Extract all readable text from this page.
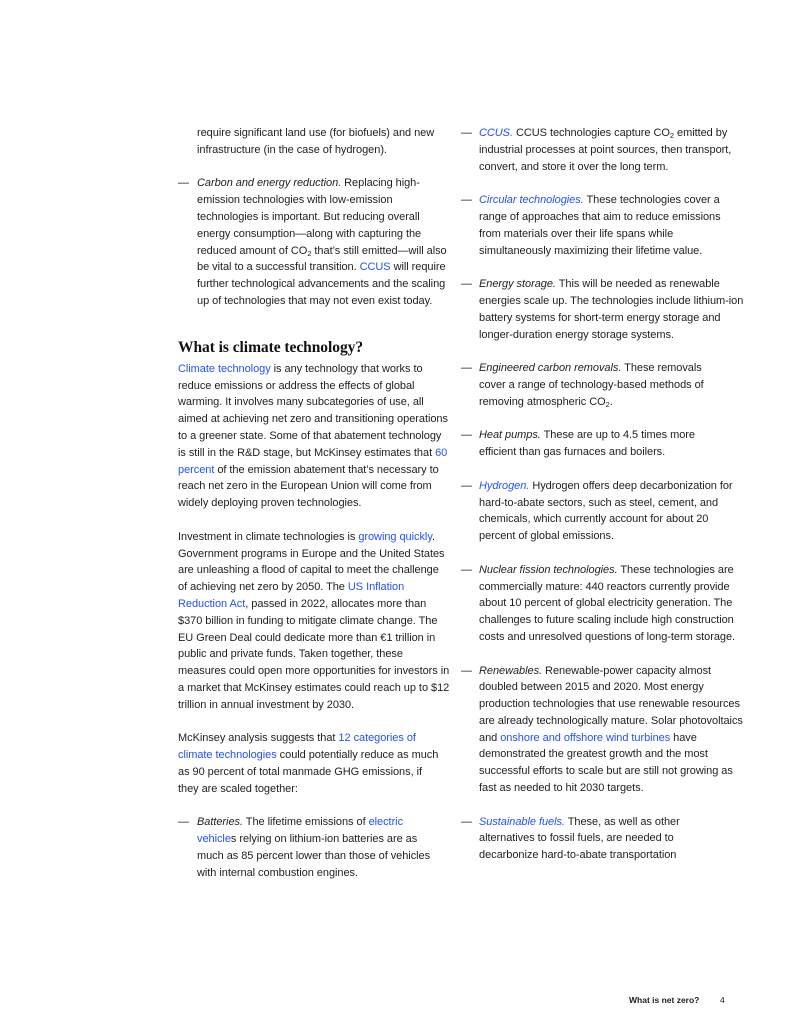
require significant land use (for biofuels) and new infrastructure (in the case of hydrogen).

— Carbon and energy reduction. Replacing high-emission technologies with low-emission technologies is important. But reducing overall energy consumption—along with capturing the reduced amount of $CO_2$ that’s still emitted—will also be vital to a successful transition. CCUS will require further technological advancements and the scaling up of technologies that may not even exist today.
What is climate technology?

Climate technology is any technology that works to reduce emissions or address the effects of global warming. It involves many subcategories of use, all aimed at achieving net zero and transitioning operations to a greener state. Some of that abatement technology is still in the R&D stage, but McKinsey estimates that 60 percent of the emission abatement that’s necessary to reach net zero in the European Union will come from widely deploying proven technologies.

Investment in climate technologies is growing quickly. Government programs in Europe and the United States are unleashing a flood of capital to meet the challenge of achieving net zero by 2050. The US Inflation Reduction Act, passed in 2022, allocates more than $370 billion in funding to mitigate climate change. The EU Green Deal could dedicate more than €1 trillion in public and private funds. Taken together, these measures could open more opportunities for investors in a market that McKinsey estimates could reach up to $12 trillion in annual investment by 2030.

McKinsey analysis suggests that 12 categories of climate technologies could potentially reduce as much as 90 percent of total manmade GHG emissions, if they are scaled together:

— Batteries. The lifetime emissions of electric vehicles relying on lithium-ion batteries are as much as 85 percent lower than those of vehicles with internal combustion engines.
— CCUS. CCUS technologies capture $CO_2$ emitted by industrial processes at point sources, then transport, convert, and store it over the long term.
— Circular technologies. These technologies cover a range of approaches that aim to reduce emissions from materials over their life spans while simultaneously maximizing their lifetime value.
— Energy storage. This will be needed as renewable energies scale up. The technologies include lithium-ion battery systems for short-term energy storage and longer-duration energy storage systems.
— Engineered carbon removals. These removals cover a range of technology-based methods of removing atmospheric $CO_2$.
— Heat pumps. These are up to 4.5 times more efficient than gas furnaces and boilers.
— Hydrogen. Hydrogen offers deep decarbonization for hard-to-abate sectors, such as steel, cement, and chemicals, which currently account for about 20 percent of global emissions.
— Nuclear fission technologies. These technologies are commercially mature: 440 reactors currently provide about 10 percent of global electricity generation. The challenges to future scaling include high construction costs and unresolved questions of long-term storage.
— Renewables. Renewable-power capacity almost doubled between 2015 and 2020. Most energy production technologies that use renewable resources are already technologically mature. Solar photovoltaics and onshore and offshore wind turbines have demonstrated the greatest growth and the most successful efforts to scale but are still not growing as fast as needed to hit 2030 targets.
— Sustainable fuels. These, as well as other alternatives to fossil fuels, are needed to decarbonize hard-to-abate transportation
What is net zero? 4
